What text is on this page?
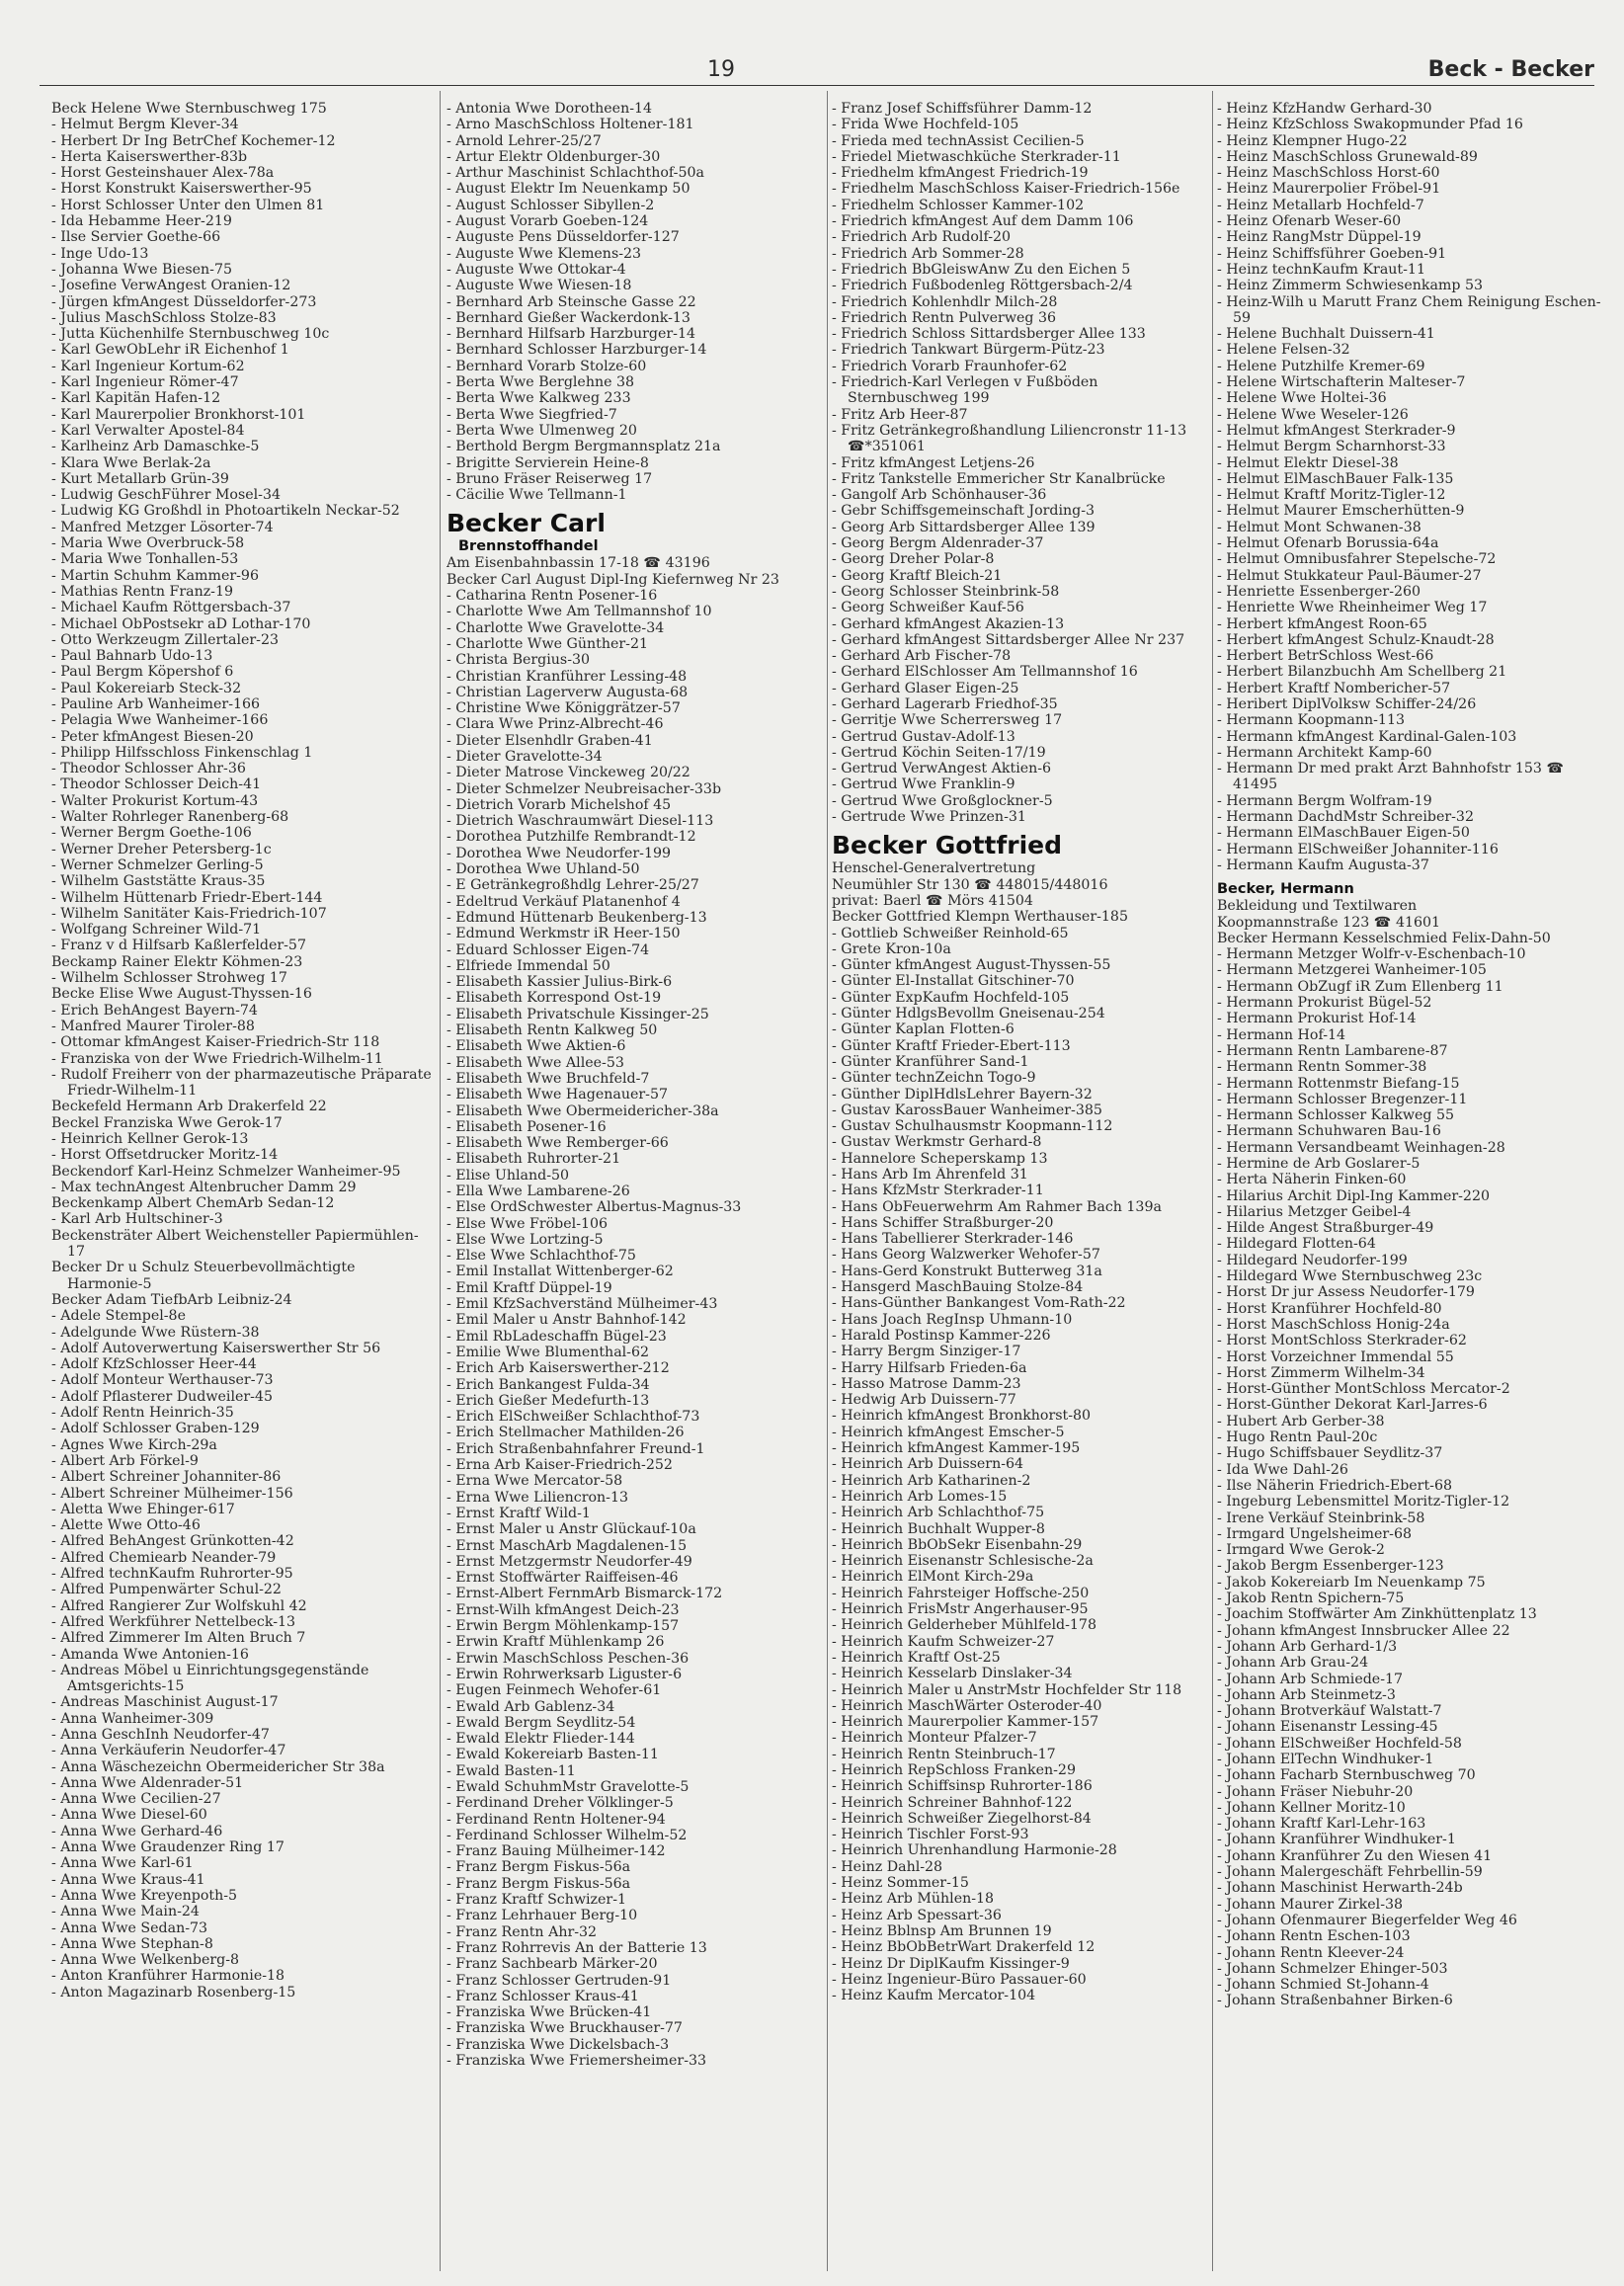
19	Beck - Becker
Beck Helene Wwe Sternbuschweg 175
- Helmut Bergm Klever-34
- Herbert Dr Ing BetrChef Kochemer-12
- Herta Kaiserswerther-83b
- Horst Gesteinshauer Alex-78a
- Horst Konstrukt Kaiserswerther-95
- Horst Schlosser Unter den Ulmen 81
- Ida Hebamme Heer-219
- Ilse Servier Goethe-66
- Inge Udo-13
- Johanna Wwe Biesen-75
- Josefine VerwAngest Oranien-12
- Jürgen kfmAngest Düsseldorfer-273
- Julius MaschSchloss Stolze-83
- Jutta Küchenhilfe Sternbuschweg 10c
- Karl GewObLehr iR Eichenhof 1
- Karl Ingenieur Kortum-62
- Karl Ingenieur Römer-47
- Karl Kapitän Hafen-12
- Karl Maurerpolier Bronkhorst-101
- Karl Verwalter Apostel-84
- Karlheinz Arb Damaschke-5
- Klara Wwe Berlak-2a
- Kurt Metallarb Grün-39
- Ludwig GeschFührer Mosel-34
- Ludwig KG Großhdl in Photoartikeln Neckar-52
- Manfred Metzger Lösorter-74
- Maria Wwe Overbruck-58
- Maria Wwe Tonhallen-53
- Martin Schuhm Kammer-96
- Mathias Rentn Franz-19
- Michael Kaufm Röttgersbach-37
- Michael ObPostsekr aD Lothar-170
- Otto Werkzeugm Zillertaler-23
- Paul Bahnarb Udo-13
- Paul Bergm Köpershof 6
- Paul Kokereiarb Steck-32
- Pauline Arb Wanheimer-166
- Pelagia Wwe Wanheimer-166
- Peter kfmAngest Biesen-20
- Philipp Hilfsschloss Finkenschlag 1
- Theodor Schlosser Ahr-36
- Theodor Schlosser Deich-41
- Walter Prokurist Kortum-43
- Walter Rohrleger Ranenberg-68
- Werner Bergm Goethe-106
- Werner Dreher Petersberg-1c
- Werner Schmelzer Gerling-5
- Wilhelm Gaststätte Kraus-35
- Wilhelm Hüttenarb Friedr-Ebert-144
- Wilhelm Sanitäter Kais-Friedrich-107
- Wolfgang Schreiner Wild-71
- Franz v d Hilfsarb Kaßlerfelder-57
Beckamp Rainer Elektr Köhmen-23
- Wilhelm Schlosser Strohweg 17
Becke Elise Wwe August-Thyssen-16
- Erich BehAngest Bayern-74
- Manfred Maurer Tiroler-88
- Ottomar kfmAngest Kaiser-Friedrich-Str 118
- Franziska von der Wwe Friedrich-Wilhelm-11
- Rudolf Freiherr von der pharmazeutische Präparate Friedr-Wilhelm-11
Beckefeld Hermann Arb Drakerfeld 22
Beckel Franziska Wwe Gerok-17
- Heinrich Kellner Gerok-13
- Horst Offsetdrucker Moritz-14
Beckendorf Karl-Heinz Schmelzer Wanheimer-95
- Max technAngest Altenbrucher Damm 29
Beckenkamp Albert ChemArb Sedan-12
- Karl Arb Hultschiner-3
Beckensträter Albert Weichensteller Papiermühlen-17
Becker Dr u Schulz Steuerbevollmächtigte Harmonie-5
Becker Adam TiefbArb Leibniz-24
- Adele Stempel-8e
- Adelgunde Wwe Rüstern-38
- Adolf Autoverwertung Kaiserswerther Str 56
- Adolf KfzSchlosser Heer-44
- Adolf Monteur Werthauser-73
- Adolf Pflasterer Dudweiler-45
- Adolf Rentn Heinrich-35
- Adolf Schlosser Graben-129
- Agnes Wwe Kirch-29a
- Albert Arb Förkel-9
- Albert Schreiner Johanniter-86
- Albert Schreiner Mülheimer-156
- Aletta Wwe Ehinger-617
- Alette Wwe Otto-46
- Alfred BehAngest Grünkotten-42
- Alfred Chemiearb Neander-79
- Alfred technKaufm Ruhrorter-95
- Alfred Pumpenwärter Schul-22
- Alfred Rangierer Zur Wolfskuhl 42
- Alfred Werkführer Nettelbeck-13
- Alfred Zimmerer Im Alten Bruch 7
- Amanda Wwe Antonien-16
- Andreas Möbel u Einrichtungsgegenstände Amtsgerichts-15
- Andreas Maschinist August-17
- Anna Wanheimer-309
- Anna GeschInh Neudorfer-47
- Anna Verkäuferin Neudorfer-47
- Anna Wäschezeichn Obermeidericher Str 38a
- Anna Wwe Aldenrader-51
- Anna Wwe Cecilien-27
- Anna Wwe Diesel-60
- Anna Wwe Gerhard-46
- Anna Wwe Graudenzer Ring 17
- Anna Wwe Karl-61
- Anna Wwe Kraus-41
- Anna Wwe Kreyenpoth-5
- Anna Wwe Main-24
- Anna Wwe Sedan-73
- Anna Wwe Stephan-8
- Anna Wwe Welkenberg-8
- Anton Kranführer Harmonie-18
- Anton Magazinarb Rosenberg-15
- Antonia Wwe Dorotheen-14
- Arno MaschSchloss Holtener-181
- Arnold Lehrer-25/27
- Artur Elektr Oldenburger-30
- Arthur Maschinist Schlachthof-50a
- August Elektr Im Neuenkamp 50
- August Schlosser Sibyllen-2
- August Vorarb Goeben-124
- Auguste Pens Düsseldorfer-127
- Auguste Wwe Klemens-23
- Auguste Wwe Ottokar-4
- Auguste Wwe Wiesen-18
- Bernhard Arb Steinsche Gasse 22
- Bernhard Gießer Wackerdonk-13
- Bernhard Hilfsarb Harzburger-14
- Bernhard Schlosser Harzburger-14
- Bernhard Vorarb Stolze-60
- Berta Wwe Berglehne 38
- Berta Wwe Kalkweg 233
- Berta Wwe Siegfried-7
- Berta Wwe Ulmenweg 20
- Berthold Bergm Bergmannsplatz 21a
- Brigitte Servierein Heine-8
- Bruno Fräser Reiserweg 17
- Cäcilie Wwe Tellmann-1
Becker Carl
Brennstoffhandel
Am Eisenbahnbassin 17-18 ☎ 43196
Becker Carl August Dipl-Ing Kiefernweg Nr 23
- Catharina Rentn Posener-16
- Charlotte Wwe Am Tellmannshof 10
- Charlotte Wwe Gravelotte-34
- Charlotte Wwe Günther-21
- Christa Bergius-30
- Christian Kranführer Lessing-48
- Christian Lagerverw Augusta-68
- Christine Wwe Königgrätzer-57
- Clara Wwe Prinz-Albrecht-46
- Dieter Elsenhdlr Graben-41
- Dieter Gravelotte-34
- Dieter Matrose Vinckeweg 20/22
- Dieter Schmelzer Neubreisacher-33b
- Dietrich Vorarb Michelshof 45
- Dietrich Waschraumwärt Diesel-113
- Dorothea Putzhilfe Rembrandt-12
- Dorothea Wwe Neudorfer-199
- Dorothea Wwe Uhland-50
- E Getränkegroßhdlg Lehrer-25/27
- Edeltrud Verkäuf Platanenhof 4
- Edmund Hüttenarb Beukenberg-13
- Edmund Werkmstr iR Heer-150
- Eduard Schlosser Eigen-74
- Elfriede Immendal 50
- Elisabeth Kassier Julius-Birk-6
- Elisabeth Korrespond Ost-19
- Elisabeth Privatschule Kissinger-25
- Elisabeth Rentn Kalkweg 50
- Elisabeth Wwe Aktien-6
- Elisabeth Wwe Allee-53
- Elisabeth Wwe Bruchfeld-7
- Elisabeth Wwe Hagenauer-57
- Elisabeth Wwe Obermeidericher-38a
- Elisabeth Posener-16
- Elisabeth Wwe Remberger-66
- Elisabeth Ruhrorter-21
- Elise Uhland-50
- Ella Wwe Lambarene-26
- Else OrdSchwester Albertus-Magnus-33
- Else Wwe Fröbel-106
- Else Wwe Lortzing-5
- Else Wwe Schlachthof-75
- Emil Installat Wittenberger-62
- Emil Kraftf Düppel-19
- Emil KfzSachverständ Mülheimer-43
- Emil Maler u Anstr Bahnhof-142
- Emil RbLadeschaffn Bügel-23
- Emilie Wwe Blumenthal-62
- Erich Arb Kaiserswerther-212
- Erich Bankangest Fulda-34
- Erich Gießer Medefurth-13
- Erich ElSchweißer Schlachthof-73
- Erich Stellmacher Mathilden-26
- Erich Straßenbahnfahrer Freund-1
- Erna Arb Kaiser-Friedrich-252
- Erna Wwe Mercator-58
- Erna Wwe Liliencron-13
- Ernst Kraftf Wild-1
- Ernst Maler u Anstr Glückauf-10a
- Ernst MaschArb Magdalenen-15
- Ernst Metzgermstr Neudorfer-49
- Ernst Stoffwärter Raiffeisen-46
- Ernst-Albert FernmArb Bismarck-172
- Ernst-Wilh kfmAngest Deich-23
- Erwin Bergm Möhlenkamp-157
- Erwin Kraftf Mühlenkamp 26
- Erwin MaschSchloss Peschen-36
- Erwin Rohrwerksarb Liguster-6
- Eugen Feinmech Wehofer-61
- Ewald Arb Gablenz-34
- Ewald Bergm Seydlitz-54
- Ewald Elektr Flieder-144
- Ewald Kokereiarb Basten-11
- Ewald Basten-11
- Ewald SchuhmMstr Gravelotte-5
- Ferdinand Dreher Völklinger-5
- Ferdinand Rentn Holtener-94
- Ferdinand Schlosser Wilhelm-52
- Franz Bauing Mülheimer-142
- Franz Bergm Fiskus-56a
- Franz Bergm Fiskus-56a
- Franz Kraftf Schwizer-1
- Franz Lehrhauer Berg-10
- Franz Rentn Ahr-32
- Franz Rohrrevis An der Batterie 13
- Franz Sachbearb Märker-20
- Franz Schlosser Gertruden-91
- Franz Schlosser Kraus-41
- Franziska Wwe Brücken-41
- Franziska Wwe Bruckhauser-77
- Franziska Wwe Dickelsbach-3
- Franziska Wwe Friemersheimer-33
- Franz Josef Schiffsführer Damm-12
- Frida Wwe Hochfeld-105
- Frieda med technAssist Cecilien-5
- Friedel Mietwaschküche Sterkrader-11
- Friedhelm kfmAngest Friedrich-19
- Friedhelm MaschSchloss Kaiser-Friedrich-156e
- Friedhelm Schlosser Kammer-102
- Friedrich kfmAngest Auf dem Damm 106
- Friedrich Arb Rudolf-20
- Friedrich Arb Sommer-28
- Friedrich BbGleiswAnw Zu den Eichen 5
- Friedrich Fußbodenleg Röttgersbach-2/4
- Friedrich Kohlenhdlr Milch-28
- Friedrich Rentn Pulverweg 36
- Friedrich Schloss Sittardsberger Allee 133
- Friedrich Tankwart Bürgerm-Pütz-23
- Friedrich Vorarb Fraunhofer-62
- Friedrich-Karl Verlegen v Fußböden Sternbuschweg 199
- Fritz Arb Heer-87
- Fritz Getränkegroßhandlung Liliencronstr 11-13 ☎*351061
- Fritz kfmAngest Letjens-26
- Fritz Tankstelle Emmericher Str Kanalbrücke
- Gangolf Arb Schönhauser-36
- Gebr Schiffsgemeinschaft Jording-3
- Georg Arb Sittardsberger Allee 139
- Georg Bergm Aldenrader-37
- Georg Dreher Polar-8
- Georg Kraftf Bleich-21
- Georg Schlosser Steinbrink-58
- Georg Schweißer Kauf-56
- Gerhard kfmAngest Akazien-13
- Gerhard kfmAngest Sittardsberger Allee Nr 237
- Gerhard Arb Fischer-78
- Gerhard ElSchlosser Am Tellmannshof 16
- Gerhard Glaser Eigen-25
- Gerhard Lagerarb Friedhof-35
- Gerritje Wwe Scherrersweg 17
- Gertrud Gustav-Adolf-13
- Gertrud Köchin Seiten-17/19
- Gertrud VerwAngest Aktien-6
- Gertrud Wwe Franklin-9
- Gertrud Wwe Großglockner-5
- Gertrude Wwe Prinzen-31
Becker Gottfried
Henschel-Generalvertretung
Neumühler Str 130 ☎ 448015/448016
privat: Baerl ☎ Mörs 41504
Becker Gottfried Klempn Werthauser-185
- Gottlieb Schweißer Reinhold-65
- Grete Kron-10a
- Günter kfmAngest August-Thyssen-55
- Günter El-Installat Gitschiner-70
- Günter ExpKaufm Hochfeld-105
- Günter HdlgsBevollm Gneisenau-254
- Günter Kaplan Flotten-6
- Günter Kraftf Frieder-Ebert-113
- Günter Kranführer Sand-1
- Günter technZeichn Togo-9
- Günther DiplHdlsLehrer Bayern-32
- Gustav KarossBauer Wanheimer-385
- Gustav Schulhausmstr Koopmann-112
- Gustav Werkmstr Gerhard-8
- Hannelore Scheperskamp 13
- Hans Arb Im Ährenfeld 31
- Hans KfzMstr Sterkrader-11
- Hans ObFeuerwehrm Am Rahmer Bach 139a
- Hans Schiffer Straßburger-20
- Hans Tabellierer Sterkrader-146
- Hans Georg Walzwerker Wehofer-57
- Hans-Gerd Konstrukt Butterweg 31a
- Hansgerd MaschBauing Stolze-84
- Hans-Günther Bankangest Vom-Rath-22
- Hans Joach RegInsp Uhmann-10
- Harald Postinsp Kammer-226
- Harry Bergm Sinziger-17
- Harry Hilfsarb Frieden-6a
- Hasso Matrose Damm-23
- Hedwig Arb Duissern-77
- Heinrich kfmAngest Bronkhorst-80
- Heinrich kfmAngest Emscher-5
- Heinrich kfmAngest Kammer-195
- Heinrich Arb Duissern-64
- Heinrich Arb Katharinen-2
- Heinrich Arb Lomes-15
- Heinrich Arb Schlachthof-75
- Heinrich Buchhalt Wupper-8
- Heinrich BbObSekr Eisenbahn-29
- Heinrich Eisenanstr Schlesische-2a
- Heinrich ElMont Kirch-29a
- Heinrich Fahrsteiger Hoffsche-250
- Heinrich FrisMstr Angerhauser-95
- Heinrich Gelderheber Mühlfeld-178
- Heinrich Kaufm Schweizer-27
- Heinrich Kraftf Ost-25
- Heinrich Kesselarb Dinslaker-34
- Heinrich Maler u AnstrMstr Hochfelder Str 118
- Heinrich MaschWärter Osteroder-40
- Heinrich Maurerpolier Kammer-157
- Heinrich Monteur Pfalzer-7
- Heinrich Rentn Steinbruch-17
- Heinrich RepSchloss Franken-29
- Heinrich Schiffsinsp Ruhrorter-186
- Heinrich Schreiner Bahnhof-122
- Heinrich Schweißer Ziegelhorst-84
- Heinrich Tischler Forst-93
- Heinrich Uhrenhandlung Harmonie-28
- Heinz Dahl-28
- Heinz Sommer-15
- Heinz Arb Mühlen-18
- Heinz Arb Spessart-36
- Heinz Bblnsp Am Brunnen 19
- Heinz BbObBetrWart Drakerfeld 12
- Heinz Dr DiplKaufm Kissinger-9
- Heinz Ingenieur-Büro Passauer-60
- Heinz Kaufm Mercator-104
- Heinz KfzHandw Gerhard-30
- Heinz KfzSchloss Swakopmunder Pfad 16
- Heinz Klempner Hugo-22
- Heinz MaschSchloss Grunewald-89
- Heinz MaschSchloss Horst-60
- Heinz Maurerpolier Fröbel-91
- Heinz Metallarb Hochfeld-7
- Heinz Ofenarb Weser-60
- Heinz RangMstr Düppel-19
- Heinz Schiffsführer Goeben-91
- Heinz technKaufm Kraut-11
- Heinz Zimmerm Schwiesenkamp 53
- Heinz-Wilh u Marutt Franz Chem Reinigung Eschen-59
- Helene Buchhalt Duissern-41
- Helene Felsen-32
- Helene Putzhilfe Kremer-69
- Helene Wirtschafterin Malteser-7
- Helene Wwe Holtei-36
- Helene Wwe Weseler-126
- Helmut kfmAngest Sterkrader-9
- Helmut Bergm Scharnhorst-33
- Helmut Elektr Diesel-38
- Helmut ElMaschBauer Falk-135
- Helmut Kraftf Moritz-Tigler-12
- Helmut Maurer Emscherhütten-9
- Helmut Mont Schwanen-38
- Helmut Ofenarb Borussia-64a
- Helmut Omnibusfahrer Stepelsche-72
- Helmut Stukkateur Paul-Bäumer-27
- Henriette Essenberger-260
- Henriette Wwe Rheinheimer Weg 17
- Herbert kfmAngest Roon-65
- Herbert kfmAngest Schulz-Knaudt-28
- Herbert BetrSchloss West-66
- Herbert Bilanzbuchh Am Schellberg 21
- Herbert Kraftf Nombericher-57
- Heribert DiplVolksw Schiffer-24/26
- Hermann Koopmann-113
- Hermann kfmAngest Kardinal-Galen-103
- Hermann Architekt Kamp-60
- Hermann Dr med prakt Arzt Bahnhofstr 153 ☎ 41495
- Hermann Bergm Wolfram-19
- Hermann DachdMstr Schreiber-32
- Hermann ElMaschBauer Eigen-50
- Hermann ElSchweißer Johanniter-116
- Hermann Kaufm Augusta-37
Becker, Hermann
Bekleidung und Textilwaren
Koopmannstraße 123 ☎ 41601
Becker Hermann Kesselschmied Felix-Dahn-50
- Hermann Metzger Wolfr-v-Eschenbach-10
- Hermann Metzgerei Wanheimer-105
- Hermann ObZugf iR Zum Ellenberg 11
- Hermann Prokurist Bügel-52
- Hermann Prokurist Hof-14
- Hermann Hof-14
- Hermann Rentn Lambarene-87
- Hermann Rentn Sommer-38
- Hermann Rottenmstr Biefang-15
- Hermann Schlosser Bregenzer-11
- Hermann Schlosser Kalkweg 55
- Hermann Schuhwaren Bau-16
- Hermann Versandbeamt Weinhagen-28
- Hermine de Arb Goslarer-5
- Herta Näherin Finken-60
- Hilarius Archit Dipl-Ing Kammer-220
- Hilarius Metzger Geibel-4
- Hilde Angest Straßburger-49
- Hildegard Flotten-64
- Hildegard Neudorfer-199
- Hildegard Wwe Sternbuschweg 23c
- Horst Dr jur Assess Neudorfer-179
- Horst Kranführer Hochfeld-80
- Horst MaschSchloss Honig-24a
- Horst MontSchloss Sterkrader-62
- Horst Vorzeichner Immendal 55
- Horst Zimmerm Wilhelm-34
- Horst-Günther MontSchloss Mercator-2
- Horst-Günther Dekorat Karl-Jarres-6
- Hubert Arb Gerber-38
- Hugo Rentn Paul-20c
- Hugo Schiffsbauer Seydlitz-37
- Ida Wwe Dahl-26
- Ilse Näherin Friedrich-Ebert-68
- Ingeburg Lebensmittel Moritz-Tigler-12
- Irene Verkäuf Steinbrink-58
- Irmgard Ungelsheimer-68
- Irmgard Wwe Gerok-2
- Jakob Bergm Essenberger-123
- Jakob Kokereiarb Im Neuenkamp 75
- Jakob Rentn Spichern-75
- Joachim Stoffwärter Am Zinkhüttenplatz 13
- Johann kfmAngest Innsbrucker Allee 22
- Johann Arb Gerhard-1/3
- Johann Arb Grau-24
- Johann Arb Schmiede-17
- Johann Arb Steinmetz-3
- Johann Brotverkäuf Walstatt-7
- Johann Eisenanstr Lessing-45
- Johann ElSchweißer Hochfeld-58
- Johann ElTechn Windhuker-1
- Johann Facharb Sternbuschweg 70
- Johann Fräser Niebuhr-20
- Johann Kellner Moritz-10
- Johann Kraftf Karl-Lehr-163
- Johann Kranführer Windhuker-1
- Johann Kranführer Zu den Wiesen 41
- Johann Malergeschäft Fehrbellin-59
- Johann Maschinist Herwarth-24b
- Johann Maurer Zirkel-38
- Johann Ofenmaurer Biegerfelder Weg 46
- Johann Rentn Eschen-103
- Johann Rentn Kleever-24
- Johann Schmelzer Ehinger-503
- Johann Schmied St-Johann-4
- Johann Straßenbahner Birken-6
